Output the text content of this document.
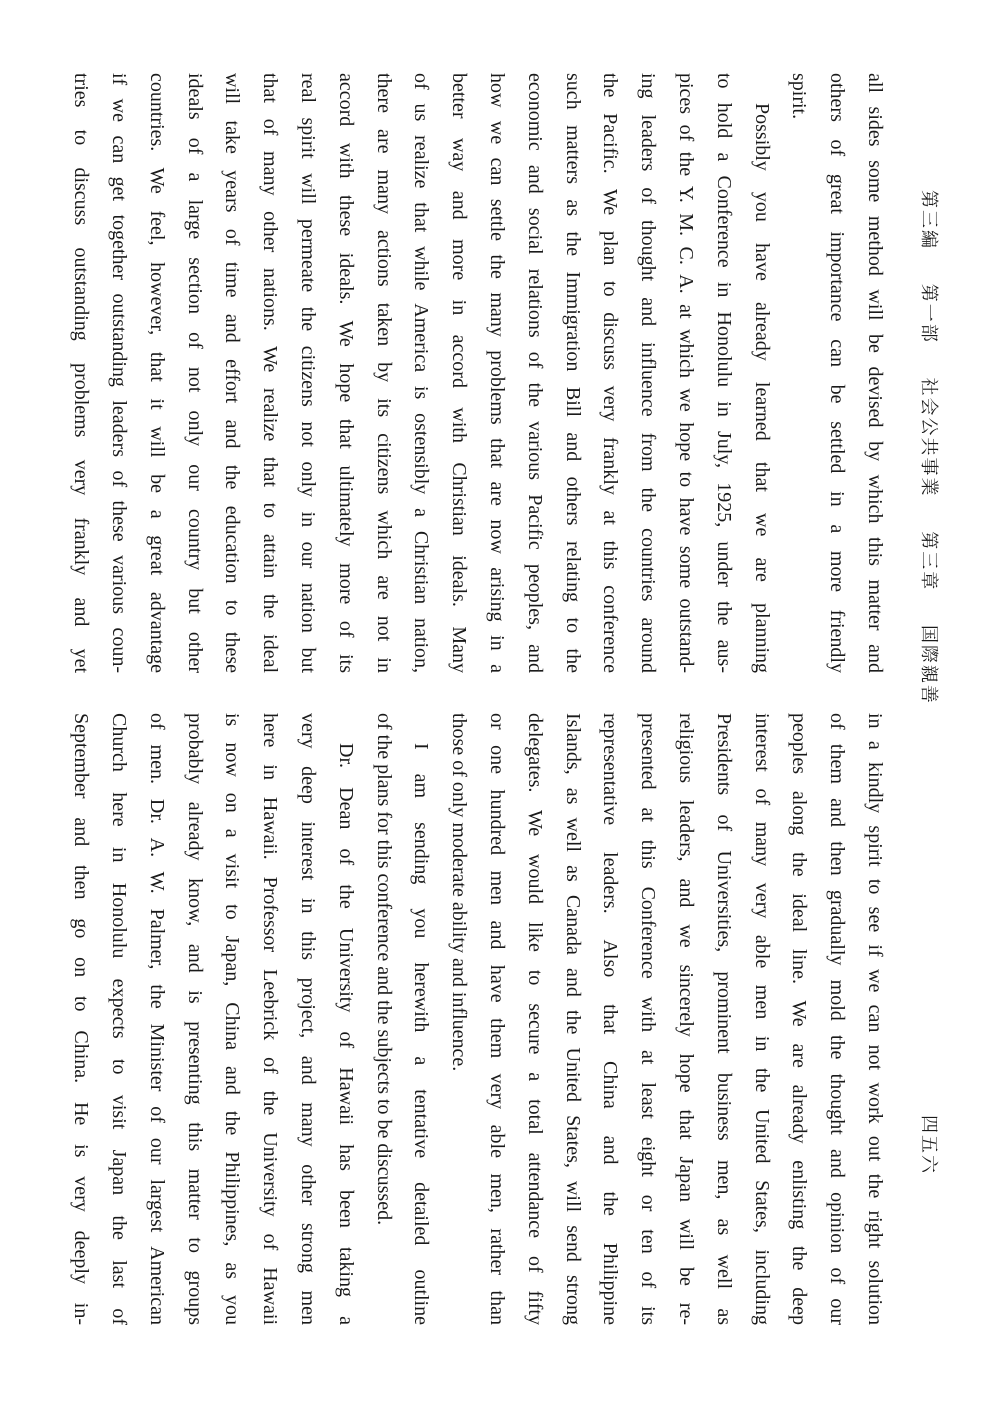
第三編 第一部 社会公共事業 第三章 国際親善
四五六
all sides some method will be devised by which this matter and
others of great importance can be settled in a more friendly
spirit.
Possibly you have already learned that we are planning
to hold a Conference in Honolulu in July, 1925, under the aus-
pices of the Y. M. C. A. at which we hope to have some outstand-
ing leaders of thought and influence from the countries around
the Pacific. We plan to discuss very frankly at this conference
such matters as the Immigration Bill and others relating to the
economic and social relations of the various Pacific peoples, and
how we can settle the many problems that are now arising in a
better way and more in accord with Christian ideals. Many
of us realize that while America is ostensibly a Christian nation,
there are many actions taken by its citizens which are not in
accord with these ideals. We hope that ultimately more of its
real spirit will permeate the citizens not only in our nation but
that of many other nations. We realize that to attain the ideal
will take years of time and effort and the education to these
ideals of a large section of not only our country but other
countries. We feel, however, that it will be a great advantage
if we can get together outstanding leaders of these various coun-
tries to discuss outstanding problems very frankly and yet
in a kindly spirit to see if we can not work out the right solution
of them and then gradually mold the thought and opinion of our
peoples along the ideal line. We are already enlisting the deep
interest of many very able men in the United States, including
Presidents of Universities, prominent business men, as well as
religious leaders, and we sincerely hope that Japan will be re-
presented at this Conference with at least eight or ten of its
representative leaders. Also that China and the Philippine
Islands, as well as Canada and the United States, will send strong
delegates. We would like to secure a total attendance of fifty
or one hundred men and have them very able men, rather than
those of only moderate ability and influence.
I am sending you herewith a tentative detailed outline
of the plans for this conference and the subjects to be discussed.
Dr. Dean of the University of Hawaii has been taking a
very deep interest in this project, and many other strong men
here in Hawaii. Professor Leebrick of the University of Hawaii
is now on a visit to Japan, China and the Philippines, as you
probably already know, and is presenting this matter to groups
of men. Dr. A. W. Palmer, the Minister of our largest American
Church here in Honolulu expects to visit Japan the last of
September and then go on to China. He is very deeply in-
